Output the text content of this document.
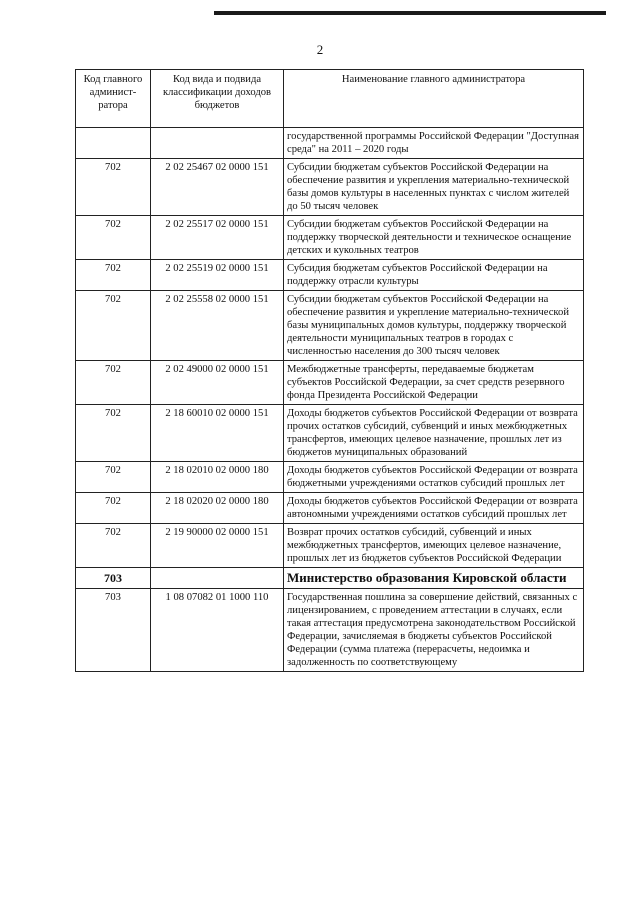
2
Код главного админист-ратора	Код вида и подвида классификации доходов бюджетов	Наименование главного администратора
		государственной программы Российской Федерации "Доступная среда" на 2011 – 2020 годы
702	2 02 25467 02 0000 151	Субсидии бюджетам субъектов Российской Федерации на обеспечение развития и укрепления материально-технической базы домов культуры в населенных пунктах с числом жителей до 50 тысяч человек
702	2 02 25517 02 0000 151	Субсидии бюджетам субъектов Российской Федерации на поддержку творческой деятельности и техническое оснащение детских и кукольных театров
702	2 02 25519 02 0000 151	Субсидия бюджетам субъектов Российской Федерации на поддержку отрасли культуры
702	2 02 25558 02 0000 151	Субсидии бюджетам субъектов Российской Федерации на обеспечение развития и укрепление материально-технической базы муниципальных домов культуры, поддержку творческой деятельности муниципальных театров в городах с численностью населения до 300 тысяч человек
702	2 02 49000 02 0000 151	Межбюджетные трансферты, передаваемые бюджетам субъектов Российской Федерации, за счет средств резервного фонда Президента Российской Федерации
702	2 18 60010 02 0000 151	Доходы бюджетов субъектов Российской Федерации от возврата прочих остатков субсидий, субвенций и иных межбюджетных трансфертов, имеющих целевое назначение, прошлых лет из бюджетов муниципальных образований
702	2 18 02010 02 0000 180	Доходы бюджетов субъектов Российской Федерации от возврата бюджетными учреждениями остатков субсидий прошлых лет
702	2 18 02020 02 0000 180	Доходы бюджетов субъектов Российской Федерации от возврата автономными учреждениями остатков субсидий прошлых лет
702	2 19 90000 02 0000 151	Возврат прочих остатков субсидий, субвенций и иных межбюджетных трансфертов, имеющих целевое назначение, прошлых лет из бюджетов субъектов Российской Федерации
703		Министерство образования Кировской области
703	1 08 07082 01 1000 110	Государственная пошлина за совершение действий, связанных с лицензированием, с проведением аттестации в случаях, если такая аттестация предусмотрена законодательством Российской Федерации, зачисляемая в бюджеты субъектов Российской Федерации (сумма платежа (перерасчеты, недоимка и задолженность по соответствующему
